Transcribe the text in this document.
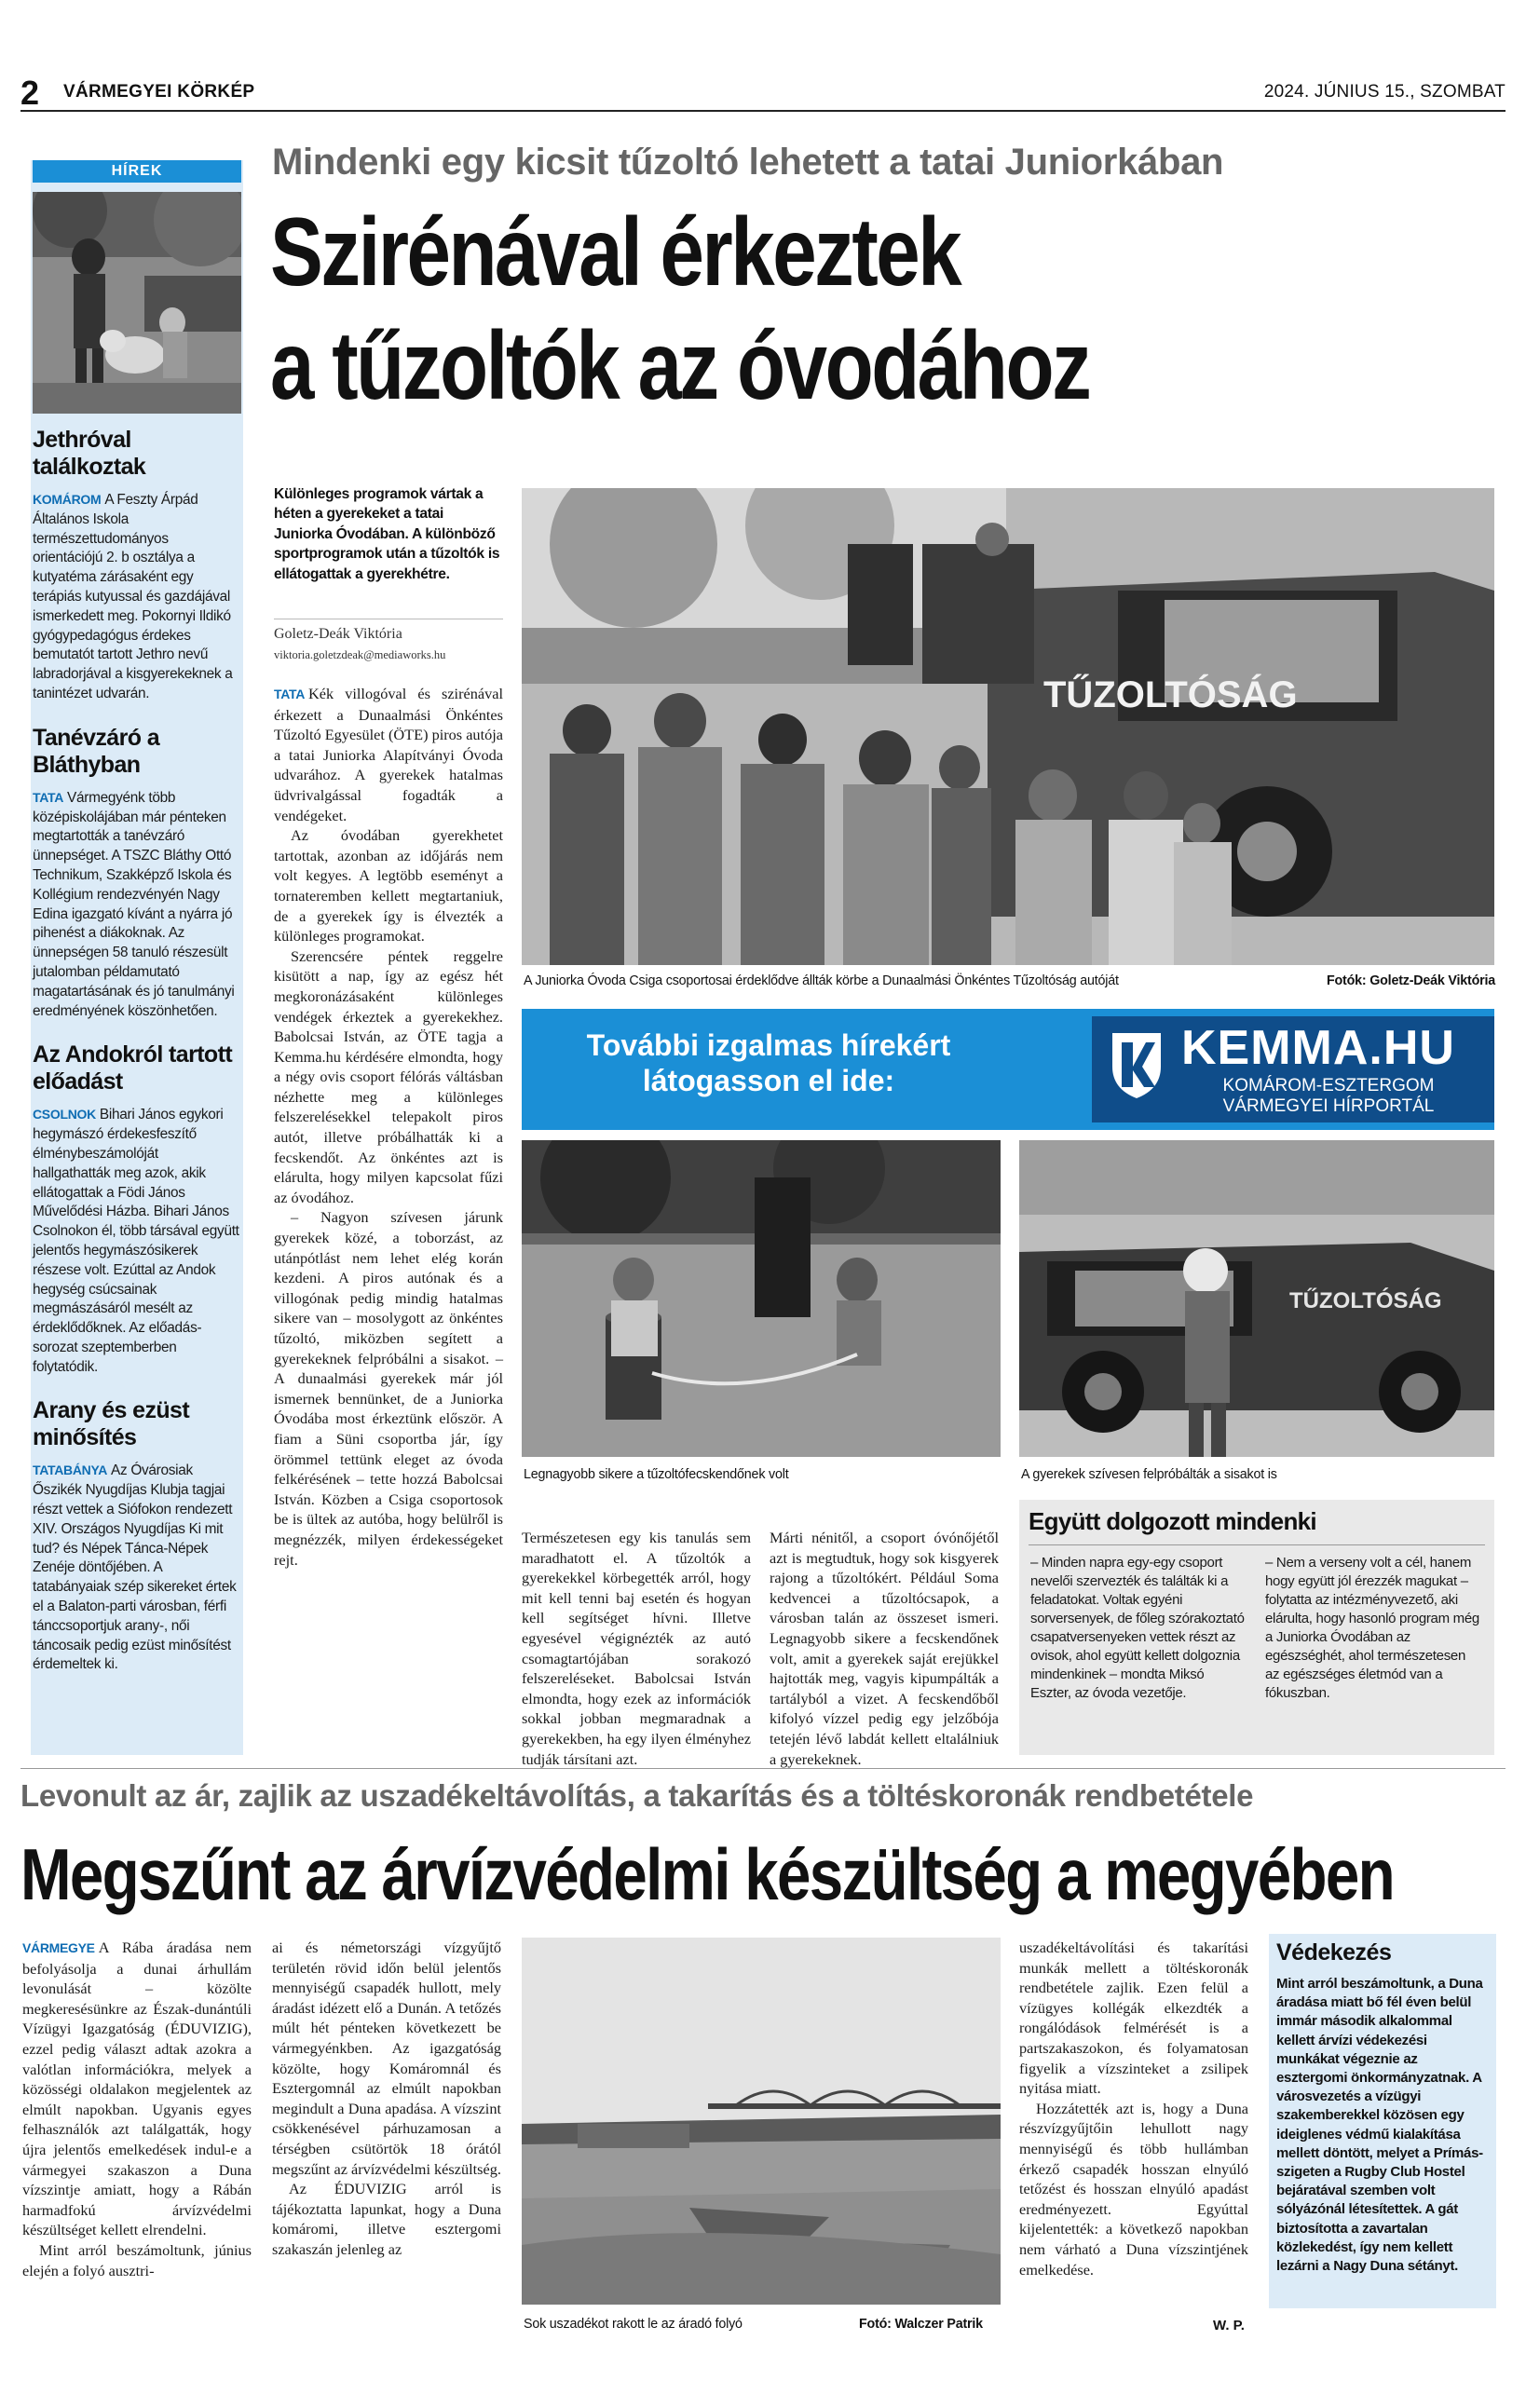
2 VÁRMEGYEI KÖRKÉP	2024. JÚNIUS 15., SZOMBAT
HÍREK
Jethróval találkoztak
KOMÁROM A Feszty Árpád Általános Iskola természettudományos orientációjú 2. b osztálya a kutyatéma zárásaként egy terápiás kutyussal és gazdájával ismerkedett meg. Pokornyi Ildikó gyógypedagógus érdekes bemutatót tartott Jethro nevű labradorjával a kisgyerekeknek a tanintézet udvarán.
Tanévzáró a Bláthyban
TATA Vármegyénk több középiskolájában már pénteken megtartották a tanévzáró ünnepséget. A TSZC Bláthy Ottó Technikum, Szakképző Iskola és Kollégium rendezvényén Nagy Edina igazgató kívánt a nyárra jó pihenést a diákoknak. Az ünnepségen 58 tanuló részesült jutalomban példamutató magatartásának és jó tanulmányi eredményének köszönhetően.
Az Andokról tartott előadást
CSOLNOK Bihari János egykori hegymászó érdekesfeszítő élménybeszámolóját hallgathatták meg azok, akik ellátogattak a Födi János Művelődési Házba. Bihari János Csolnokon él, több társával együtt jelentős hegymászósikerek részese volt. Ezúttal az Andok hegység csúcsainak megmászásáról mesélt az érdeklődőknek. Az előadás-sorozat szeptemberben folytatódik.
Arany és ezüst minősítés
TATABÁNYA Az Óvárosiak Őszikék Nyugdíjas Klubja tagjai részt vettek a Siófokon rendezett XIV. Országos Nyugdíjas Ki mit tud? és Népek Tánca-Népek Zenéje döntőjében. A tatabányaiak szép sikereket értek el a Balaton-parti városban, férfi tánccsoportjuk arany-, női táncosaik pedig ezüst minősítést érdemeltek ki.
Mindenki egy kicsit tűzoltó lehetett a tatai Juniorkában
Szirénával érkeztek
a tűzoltók az óvodához
Különleges programok vártak a héten a gyerekeket a tatai Juniorka Óvodában. A különböző sportprogramok után a tűzoltók is ellátogattak a gyerekhétre.
Goletz-Deák Viktória
viktoria.goletzdeak@mediaworks.hu
TŰZOLTÓSÁG
A Juniorka Óvoda Csiga csoportosai érdeklődve állták körbe a Dunaalmási Önkéntes Tűzoltóság autóját	Fotók: Goletz-Deák Viktória
További izgalmas hírekért
látogasson el ide:
KEMMA.HU
KOMÁROM-ESZTERGOM
VÁRMEGYEI HÍRPORTÁL

TATA Kék villogóval és szirénával érkezett a Dunaalmási Önkéntes Tűzoltó Egyesület (ÖTE) piros autója a tatai Juniorka Alapítványi Óvoda udvarához. A gyerekek hatalmas üdvrivalgással fogadták a vendégeket.

Az óvodában gyerekhetet tartottak, azonban az időjárás nem volt kegyes. A legtöbb eseményt a tornateremben kellett megtartaniuk, de a gyerekek így is élvezték a különleges programokat.

Szerencsére péntek reggelre kisütött a nap, így az egész hét megkoronázásaként különleges vendégek érkeztek a gyerekekhez. Babolcsai István, az ÖTE tagja a Kemma.hu kérdésére elmondta, hogy a négy ovis csoport félórás váltásban nézhette meg a különleges felszerelésekkel telepakolt piros autót, illetve próbálhatták ki a fecskendőt. Az önkéntes azt is elárulta, hogy milyen kapcsolat fűzi az óvodához.

– Nagyon szívesen járunk gyerekek közé, a toborzást, az utánpótlást nem lehet elég korán kezdeni. A piros autónak és a villogónak pedig mindig hatalmas sikere van – mosolygott az önkéntes tűzoltó, miközben segített a gyerekeknek felpróbálni a sisakot. – A dunaalmási gyerekek már jól ismernek bennünket, de a Juniorka Óvodába most érkeztünk először. A fiam a Süni csoportba jár, így örömmel tettünk eleget az óvoda felkérésének – tette hozzá Babolcsai István. Közben a Csiga csoportosok be is ültek az autóba, hogy belülről is megnézzék, milyen érdekességeket rejt.

Természetesen egy kis tanulás sem maradhatott el. A tűzoltók a gyerekekkel körbegették arról, hogy mit kell tenni baj esetén és hogyan kell segítséget hívni. Illetve egyesével végignézték az autó csomagtartójában sorakozó felszereléseket. Babolcsai István elmondta, hogy ezek az információk sokkal jobban megmaradnak a gyerekekben, ha egy ilyen élményhez tudják társítani azt.

Márti nénitől, a csoport óvónőjétől azt is megtudtuk, hogy sok kisgyerek rajong a tűzoltókért. Például Soma kedvencei a tűzoltócsapok, a városban talán az összeset ismeri. Legnagyobb sikere a fecskendőnek volt, amit a gyerekek saját erejükkel hajtották meg, vagyis kipumpálták a tartályból a vizet. A fecskendőből kifolyó vízzel pedig egy jelzőbója tetején lévő labdát kellett eltalálniuk a gyerekeknek.

Legnagyobb sikere a tűzoltófecskendőnek volt
TŰZOLTÓSÁG
A gyerekek szívesen felpróbálták a sisakot is
Együtt dolgozott mindenki
– Minden napra egy-egy csoport nevelői szervezték és találták ki a feladatokat. Voltak egyéni sorversenyek, de főleg szórakoztató csapatversenyeken vettek részt az ovisok, ahol együtt kellett dolgoznia mindenkinek – mondta Miksó Eszter, az óvoda vezetője.
– Nem a verseny volt a cél, hanem hogy együtt jól érezzék magukat – folytatta az intézményvezető, aki elárulta, hogy hasonló program még a Juniorka Óvodában az egészséghét, ahol természetesen az egészséges életmód van a fókuszban.
Levonult az ár, zajlik az uszadékeltávolítás, a takarítás és a töltéskoronák rendbetétele
Megszűnt az árvízvédelmi készültség a megyében

VÁRMEGYE A Rába áradása nem befolyásolja a dunai árhullám levonulását – közölte megkeresésünkre az Észak-dunántúli Vízügyi Igazgatóság (ÉDUVIZIG), ezzel pedig választ adtak azokra a valótlan információkra, melyek a közösségi oldalakon megjelentek az elmúlt napokban. Ugyanis egyes felhasználók azt találgatták, hogy újra jelentős emelkedések indul-e a vármegyei szakaszon a Duna vízszintje amiatt, hogy a Rábán harmadfokú árvízvédelmi készültséget kellett elrendelni.

Mint arról beszámoltunk, június elején a folyó ausztri-

ai és németországi vízgyűjtő területén rövid időn belül jelentős mennyiségű csapadék hullott, mely áradást idézett elő a Dunán. A tetőzés múlt hét pénteken következett be vármegyénkben. Az igazgatóság közölte, hogy Komáromnál és Esztergomnál az elmúlt napokban megindult a Duna apadása. A vízszint csökkenésével párhuzamosan a térségben csütörtök 18 órától megszűnt az árvízvédelmi készültség.

Az ÉDUVIZIG arról is tájékoztatta lapunkat, hogy a Duna komáromi, illetve esztergomi szakaszán jelenleg az

Sok uszadékot rakott le az áradó folyó	Fotó: Walczer Patrik

uszadékeltávolítási és takarítási munkák mellett a töltéskoronák rendbetétele zajlik. Ezen felül a vízügyes kollégák elkezdték a rongálódások felmérését is a partszakaszokon, és folyamatosan figyelik a vízszinteket a zsilipek nyitása miatt.

Hozzátették azt is, hogy a Duna részvízgyűjtőin lehullott nagy mennyiségű és több hullámban érkező csapadék hosszan elnyúló tetőzést és hosszan elnyúló apadást eredményezett. Egyúttal kijelentették: a következő napokban nem várható a Duna vízszintjének emelkedése.

W. P.
Védekezés
Mint arról beszámoltunk, a Duna áradása miatt bő fél éven belül immár második alkalommal kellett árvízi védekezési munkákat végeznie az esztergomi önkormányzatnak. A városvezetés a vízügyi szakemberekkel közösen egy ideiglenes védmű kialakítása mellett döntött, melyet a Prímás-szigeten a Rugby Club Hostel bejáratával szemben volt sólyázónál létesítettek. A gát biztosította a zavartalan közlekedést, így nem kellett lezárni a Nagy Duna sétányt.
